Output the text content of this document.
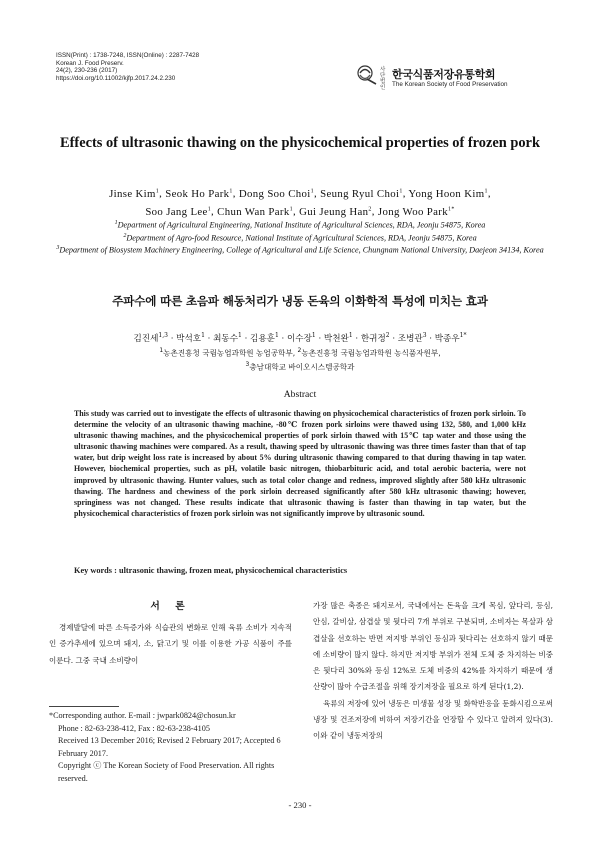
ISSN(Print) : 1738-7248, ISSN(Online) : 2287-7428
Korean J. Food Preserv.
24(2), 230-236 (2017)
https://doi.org/10.11002/kjfp.2017.24.2.230
사단 법인
한국식품저장유통학회
The Korean Society of Food Preservation
Effects of ultrasonic thawing on the physicochemical properties of frozen pork
Jinse Kim$^1$, Seok Ho Park$^1$, Dong Soo Choi$^1$, Seung Ryul Choi$^1$, Yong Hoon Kim$^1$,
Soo Jang Lee$^1$, Chun Wan Park$^1$, Gui Jeung Han$^2$, Jong Woo Park$^{1*}$
$^1$Department of Agricultural Engineering, National Institute of Agricultural Sciences, RDA, Jeonju 54875, Korea
$^2$Department of Agro-food Resource, National Institute of Agricultural Sciences, RDA, Jeonju 54875, Korea
$^3$Department of Biosystem Machinery Engineering, College of Agricultural and Life Science, Chungnam National University, Daejeon 34134, Korea
주파수에 따른 초음파 해동처리가 냉동 돈육의 이화학적 특성에 미치는 효과
김진세$^{1,3}$ · 박석호$^1$ · 최동수$^1$ · 김용훈$^1$ · 이수장$^1$ · 박천완$^1$ · 한귀정$^2$ · 조병관$^3$ · 박종우$^{1*}$
$^1$농촌진흥청 국립농업과학원 농업공학부, $^2$농촌진흥청 국립농업과학원 농식품자원부,
$^3$충남대학교 바이오시스템공학과
Abstract
This study was carried out to investigate the effects of ultrasonic thawing on physicochemical characteristics of frozen pork sirloin. To determine the velocity of an ultrasonic thawing machine, -80℃ frozen pork sirloins were thawed using 132, 580, and 1,000 kHz ultrasonic thawing machines, and the physicochemical properties of pork sirloin thawed with 15℃ tap water and those using the ultrasonic thawing machines were compared. As a result, thawing speed by ultrasonic thawing was three times faster than that of tap water, but drip weight loss rate is increased by about 5% during ultrasonic thawing compared to that during thawing in tap water. However, biochemical properties, such as pH, volatile basic nitrogen, thiobarbituric acid, and total aerobic bacteria, were not improved by ultrasonic thawing. Hunter values, such as total color change and redness, improved slightly after 580 kHz ultrasonic thawing. The hardness and chewiness of the pork sirloin decreased significantly after 580 kHz ultrasonic thawing; however, springiness was not changed. These results indicate that ultrasonic thawing is faster than thawing in tap water, but the physicochemical characteristics of frozen pork sirloin was not significantly improve by ultrasonic sound.
Key words : ultrasonic thawing, frozen meat, physicochemical characteristics
서 론

경제발달에 따른 소득증가와 식습관의 변화로 인해 육류 소비가 지속적인 증가추세에 있으며 돼지, 소, 닭고기 및 이를 이용한 가공 식품이 주를 이룬다. 그중 국내 소비량이

*Corresponding author. E-mail : jwpark0824@chosun.kr
Phone : 82-63-238-412, Fax : 82-63-238-4105
Received 13 December 2016; Revised 2 February 2017; Accepted 6 February 2017.
Copyright ⓒ The Korean Society of Food Preservation. All rights reserved.

가장 많은 축종은 돼지로서, 국내에서는 돈육을 크게 목심, 앞다리, 등심, 안심, 갈비살, 삼겹살 및 뒷다리 7개 부위로 구분되며, 소비자는 목살과 삼겹살을 선호하는 반면 저지방 부위인 등심과 뒷다리는 선호하지 않기 때문에 소비량이 많지 않다. 하지만 저지방 부위가 전체 도체 중 차지하는 비중은 뒷다리 30%와 등심 12%로 도체 비중의 42%를 차지하기 때문에 생산량이 많아 수급조절을 위해 장기저장을 필요로 하게 된다(1,2).

육류의 저장에 있어 냉동은 미생물 성장 및 화학반응을 둔화시킴으로써 냉장 및 건조저장에 비하여 저장기간을 연장할 수 있다고 알려져 있다(3). 이와 같이 냉동저장의

- 230 -
